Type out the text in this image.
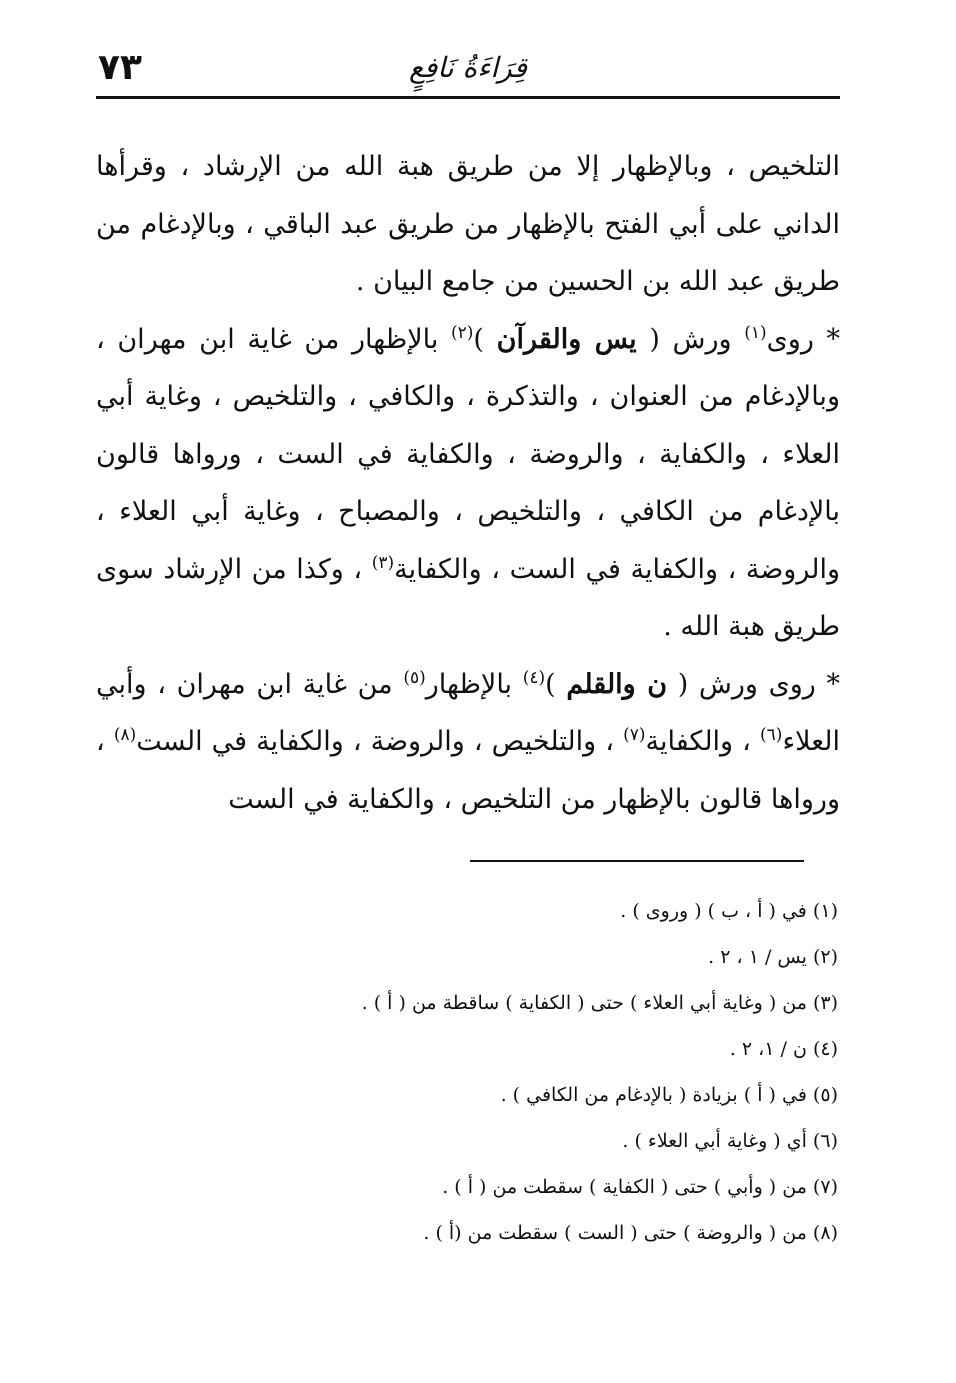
٧٣	قِرَاءَةُ نَافِعٍ

التلخيص ، وبالإظهار إلا من طريق هبة الله من الإرشاد ، وقرأها الداني على أبي الفتح بالإظهار من طريق عبد الباقي ، وبالإدغام من طريق عبد الله بن الحسين من جامع البيان .

* روى$^{(١)}$ ورش ( يس والقرآن )$^{(٢)}$ بالإظهار من غاية ابن مهران ، وبالإدغام من العنوان ، والتذكرة ، والكافي ، والتلخيص ، وغاية أبي العلاء ، والكفاية ، والروضة ، والكفاية في الست ، ورواها قالون بالإدغام من الكافي ، والتلخيص ، والمصباح ، وغاية أبي العلاء ، والروضة ، والكفاية في الست ، والكفاية$^{(٣)}$ ، وكذا من الإرشاد سوى طريق هبة الله .

* روى ورش ( ن والقلم )$^{(٤)}$ بالإظهار$^{(٥)}$ من غاية ابن مهران ، وأبي العلاء$^{(٦)}$ ، والكفاية$^{(٧)}$ ، والتلخيص ، والروضة ، والكفاية في الست$^{(٨)}$ ، ورواها قالون بالإظهار من التلخيص ، والكفاية في الست

(١) في ( أ ، ب ) ( وروى ) .
(٢) يس / ١ ، ٢ .
(٣) من ( وغاية أبي العلاء ) حتى ( الكفاية ) ساقطة من ( أ ) .
(٤) ن / ١، ٢ .
(٥) في ( أ ) بزيادة ( بالإدغام من الكافي ) .
(٦) أي ( وغاية أبي العلاء ) .
(٧) من ( وأبي ) حتى ( الكفاية ) سقطت من ( أ ) .
(٨) من ( والروضة ) حتى ( الست ) سقطت من (أ ) .
